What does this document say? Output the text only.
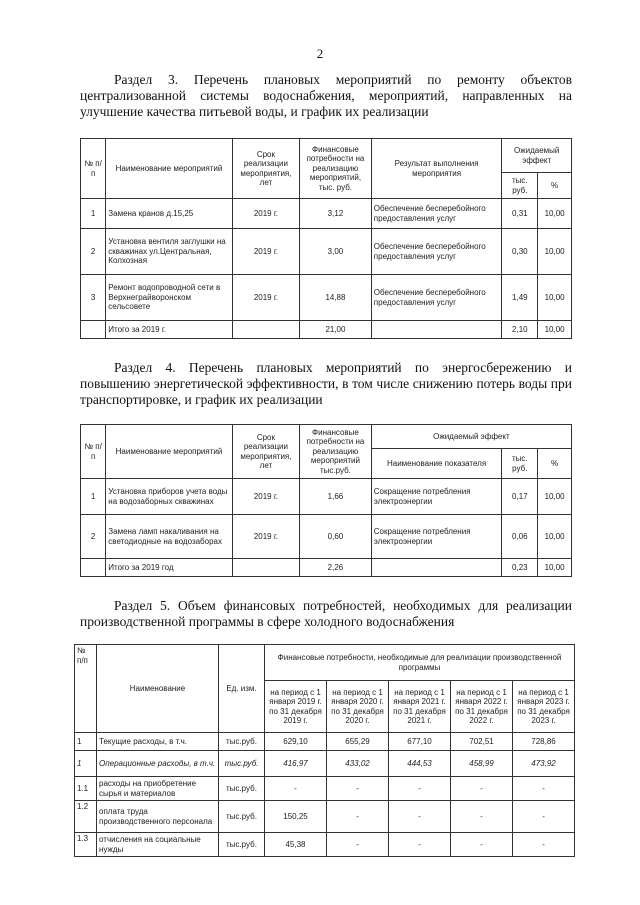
2
Раздел 3. Перечень плановых мероприятий по ремонту объектов централизованной системы водоснабжения, мероприятий, направленных на улучшение качества питьевой воды, и график их реализации
№ п/п	Наименование мероприятий	Срок реализации мероприятия, лет	Финансовые потребности на реализацию мероприятий, тыс. руб.	Результат выполнения мероприятия	Ожидаемый эффект	
					тыс. руб.	%
1	Замена кранов д.15,25	2019 г.	3,12	Обеспечение бесперебойного предоставления услуг	0,31	10,00
2	Установка вентиля заглушки на скважинах ул.Центральная, Колхозная	2019 г.	3,00	Обеспечение бесперебойного предоставления услуг	0,30	10,00
3	Ремонт водопроводной сети в Верхнеграйворонском сельсовете	2019 г.	14,88	Обеспечение бесперебойного предоставления услуг	1,49	10,00
	Итого за 2019 г.		21,00		2,10	10,00
Раздел 4. Перечень плановых мероприятий по энергосбережению и повышению энергетической эффективности, в том числе снижению потерь воды при транспортировке, и график их реализации
№ п/п	Наименование мероприятий	Срок реализации мероприятия, лет	Финансовые потребности на реализацию мероприятий тыс.руб.	Ожидаемый эффект		
				Наименование показателя	тыс. руб.	%
1	Установка приборов учета воды на водозаборных скважинах	2019 г.	1,66	Сокращение потребления электроэнергии	0,17	10,00
2	Замена ламп накаливания на светодиодные на водозаборах	2019 г.	0,60	Сокращение потребления электроэнергии	0,06	10,00
	Итого за 2019 год		2,26		0,23	10,00
Раздел 5. Объем финансовых потребностей, необходимых для реализации производственной программы в сфере холодного водоснабжения
№ п/п	Наименование	Ед. изм.	Финансовые потребности, необходимые для реализации производственной программы				
			на период с 1 января 2019 г. по 31 декабря 2019 г.	на период с 1 января 2020 г. по 31 декабря 2020 г.	на период с 1 января 2021 г. по 31 декабря 2021 г.	на период с 1 января 2022 г. по 31 декабря 2022 г.	на период с 1 января 2023 г. по 31 декабря 2023 г.
1	Текущие расходы, в т.ч.	тыс.руб.	629,10	655,29	677,10	702,51	728,86
1	Операционные расходы, в т.ч.	тыс.руб.	416,97	433,02	444,53	458,99	473,92
1.1	расходы на приобретение сырья и материалов	тыс.руб.	-	-	-	-	-
1.2	оплата труда производственного персонала	тыс.руб.	150,25	-	-	-	-
1.3	отчисления на социальные нужды	тыс.руб.	45,38	-	-	-	-
